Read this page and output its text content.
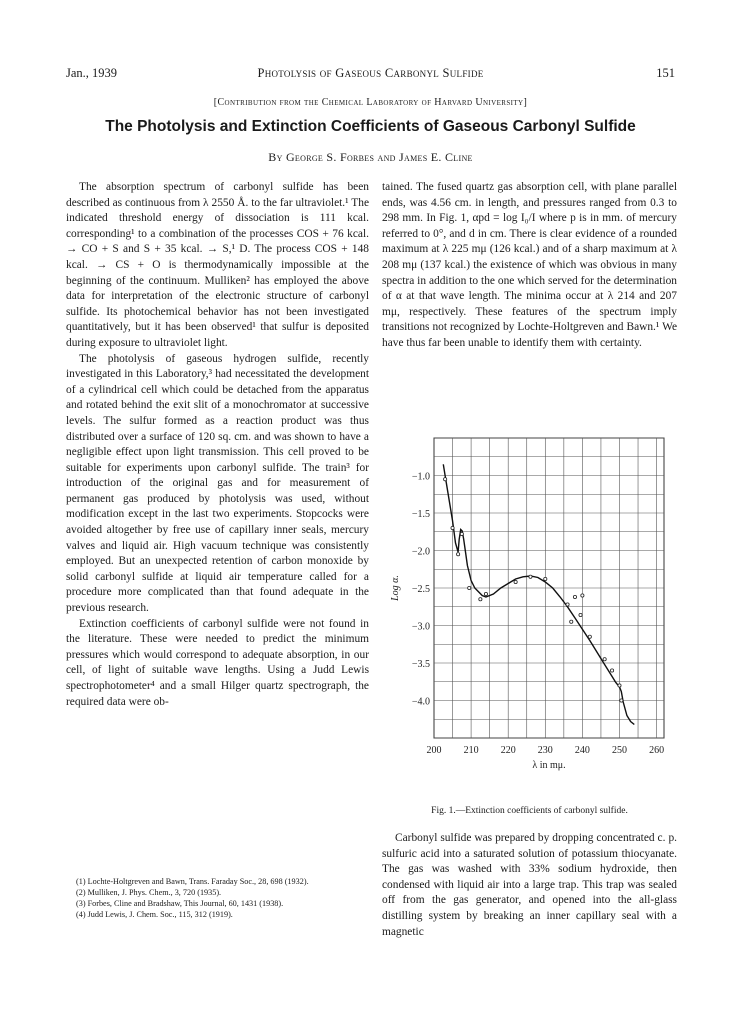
Jan., 1939	Photolysis of Gaseous Carbonyl Sulfide	151
[Contribution from the Chemical Laboratory of Harvard University]
The Photolysis and Extinction Coefficients of Gaseous Carbonyl Sulfide
By George S. Forbes and James E. Cline

The absorption spectrum of carbonyl sulfide has been described as continuous from λ 2550 Å. to the far ultraviolet.¹ The indicated threshold energy of dissociation is 111 kcal. corresponding¹ to a combination of the processes COS + 76 kcal. → CO + S and S + 35 kcal. → S,¹ D. The process COS + 148 kcal. → CS + O is thermodynamically impossible at the beginning of the continuum. Mulliken² has employed the above data for interpretation of the electronic structure of carbonyl sulfide. Its photochemical behavior has not been investigated quantitatively, but it has been observed¹ that sulfur is deposited during exposure to ultraviolet light.

The photolysis of gaseous hydrogen sulfide, recently investigated in this Laboratory,³ had necessitated the development of a cylindrical cell which could be detached from the apparatus and rotated behind the exit slit of a monochromator at successive levels. The sulfur formed as a reaction product was thus distributed over a surface of 120 sq. cm. and was shown to have a negligible effect upon light transmission. This cell proved to be suitable for experiments upon carbonyl sulfide. The train³ for introduction of the original gas and for measurement of permanent gas produced by photolysis was used, without modification except in the last two experiments. Stopcocks were avoided altogether by free use of capillary inner seals, mercury valves and liquid air. High vacuum technique was consistently employed. But an unexpected retention of carbon monoxide by solid carbonyl sulfide at liquid air temperature called for a procedure more complicated than that found adequate in the previous research.

Extinction coefficients of carbonyl sulfide were not found in the literature. These were needed to predict the minimum pressures which would correspond to adequate absorption, in our cell, of light of suitable wave lengths. Using a Judd Lewis spectrophotometer⁴ and a small Hilger quartz spectrograph, the required data were ob-

(1) Lochte-Holtgreven and Bawn, Trans. Faraday Soc., 28, 698 (1932).
(2) Mulliken, J. Phys. Chem., 3, 720 (1935).
(3) Forbes, Cline and Bradshaw, This Journal, 60, 1431 (1938).
(4) Judd Lewis, J. Chem. Soc., 115, 312 (1919).

tained. The fused quartz gas absorption cell, with plane parallel ends, was 4.56 cm. in length, and pressures ranged from 0.3 to 298 mm. In Fig. 1, αpd = log I₀/I where p is in mm. of mercury referred to 0°, and d in cm. There is clear evidence of a rounded maximum at λ 225 mμ (126 kcal.) and of a sharp maximum at λ 208 mμ (137 kcal.) the existence of which was obvious in many spectra in addition to the one which served for the determination of α at that wave length. The minima occur at λ 214 and 207 mμ, respectively. These features of the spectrum imply transitions not recognized by Lochte-Holtgreven and Bawn.¹ We have thus far been unable to identify them with certainty.

−1.0
−1.5
−2.0
−2.5
−3.0
−3.5
−4.0
200 210 220 230 240 250 260
λ in mμ.
Log α.
Fig. 1.—Extinction coefficients of carbonyl sulfide.

Carbonyl sulfide was prepared by dropping concentrated c. p. sulfuric acid into a saturated solution of potassium thiocyanate. The gas was washed with 33% sodium hydroxide, then condensed with liquid air into a large trap. This trap was sealed off from the gas generator, and opened into the all-glass distilling system by breaking an inner capillary seal with a magnetic
